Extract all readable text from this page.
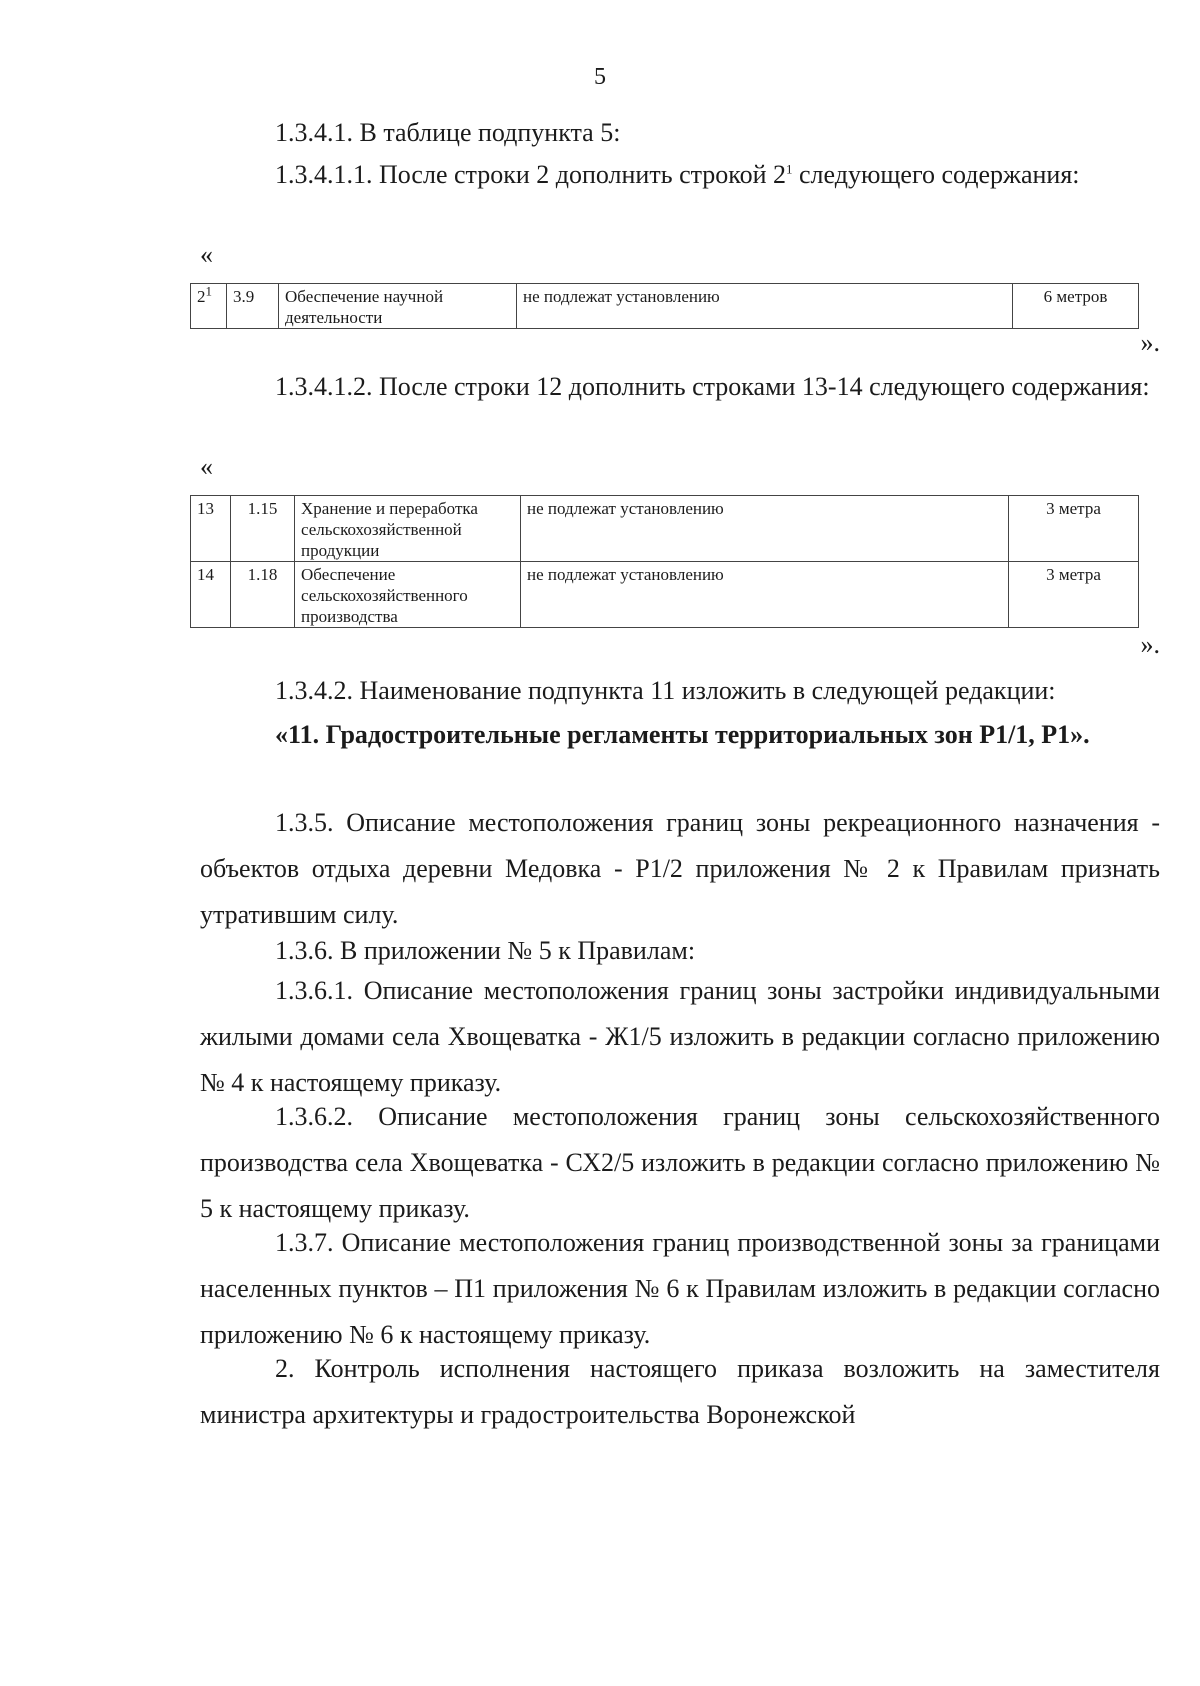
5
1.3.4.1. В таблице подпункта 5:
1.3.4.1.1. После строки 2 дополнить строкой $2^1$ следующего содержания:
«
$2^1$	3.9	Обеспечение научной деятельности	не подлежат установлению	6 метров
».
1.3.4.1.2. После строки 12 дополнить строками 13-14 следующего содержания:
«
13	1.15	Хранение и переработка сельскохозяйственной продукции	не подлежат установлению	3 метра
14	1.18	Обеспечение сельскохозяйственного производства	не подлежат установлению	3 метра
».
1.3.4.2. Наименование подпункта 11 изложить в следующей редакции:
«11. Градостроительные регламенты территориальных зон Р1/1, Р1».
1.3.5. Описание местоположения границ зоны рекреационного назначения - объектов отдыха деревни Медовка - Р1/2 приложения № 2 к Правилам признать утратившим силу.
1.3.6. В приложении № 5 к Правилам:
1.3.6.1. Описание местоположения границ зоны застройки индивидуальными жилыми домами села Хвощеватка - Ж1/5 изложить в редакции согласно приложению № 4 к настоящему приказу.
1.3.6.2. Описание местоположения границ зоны сельскохозяйственного производства села Хвощеватка - СХ2/5 изложить в редакции согласно приложению № 5 к настоящему приказу.
1.3.7. Описание местоположения границ производственной зоны за границами населенных пунктов – П1 приложения № 6 к Правилам изложить в редакции согласно приложению № 6 к настоящему приказу.
2. Контроль исполнения настоящего приказа возложить на заместителя министра архитектуры и градостроительства Воронежской
